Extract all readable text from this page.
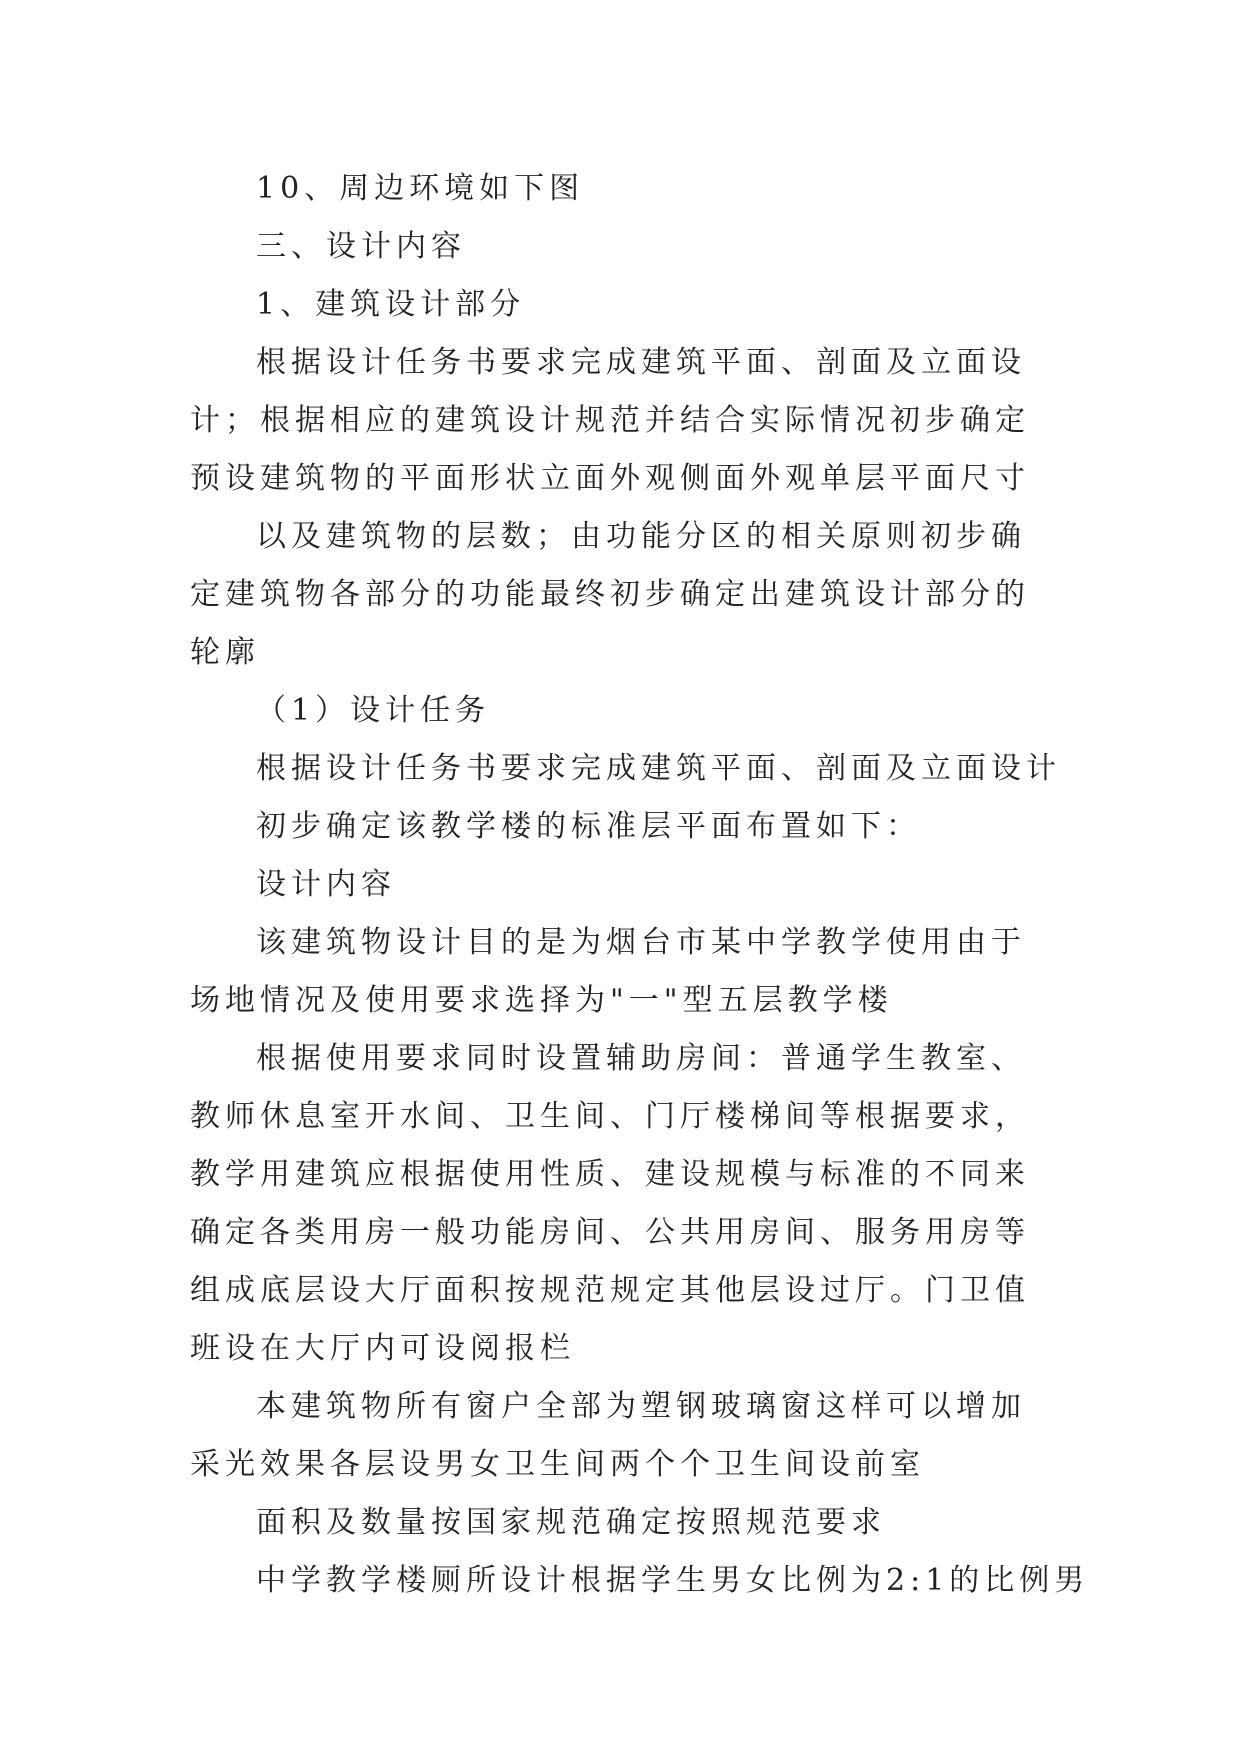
10、周边环境如下图

三、设计内容

1、建筑设计部分

根据设计任务书要求完成建筑平面、剖面及立面设计；根据相应的建筑设计规范并结合实际情况初步确定预设建筑物的平面形状立面外观侧面外观单层平面尺寸

以及建筑物的层数；由功能分区的相关原则初步确定建筑物各部分的功能最终初步确定出建筑设计部分的轮廓

（1）设计任务

根据设计任务书要求完成建筑平面、剖面及立面设计

初步确定该教学楼的标准层平面布置如下：

设计内容

该建筑物设计目的是为烟台市某中学教学使用由于场地情况及使用要求选择为"一"型五层教学楼

根据使用要求同时设置辅助房间：普通学生教室、教师休息室开水间、卫生间、门厅楼梯间等根据要求，教学用建筑应根据使用性质、建设规模与标准的不同来确定各类用房一般功能房间、公共用房间、服务用房等组成底层设大厅面积按规范规定其他层设过厅。门卫值班设在大厅内可设阅报栏

本建筑物所有窗户全部为塑钢玻璃窗这样可以增加采光效果各层设男女卫生间两个个卫生间设前室

面积及数量按国家规范确定按照规范要求

中学教学楼厕所设计根据学生男女比例为2:1的比例男
